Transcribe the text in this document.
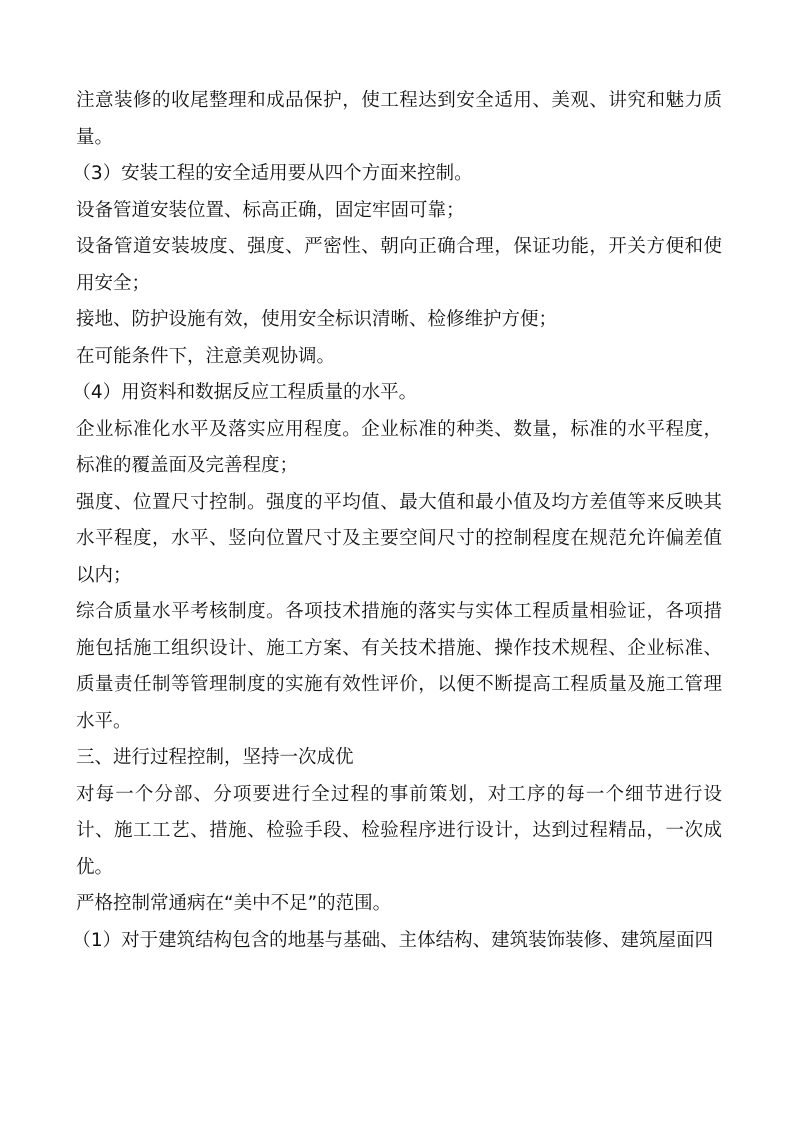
注意装修的收尾整理和成品保护，使工程达到安全适用、美观、讲究和魅力质量。

（3）安装工程的安全适用要从四个方面来控制。

设备管道安装位置、标高正确，固定牢固可靠；

设备管道安装坡度、强度、严密性、朝向正确合理，保证功能，开关方便和使用安全；

接地、防护设施有效，使用安全标识清晰、检修维护方便；

在可能条件下，注意美观协调。

（4）用资料和数据反应工程质量的水平。

企业标准化水平及落实应用程度。企业标准的种类、数量，标准的水平程度，标准的覆盖面及完善程度；

强度、位置尺寸控制。强度的平均值、最大值和最小值及均方差值等来反映其水平程度，水平、竖向位置尺寸及主要空间尺寸的控制程度在规范允许偏差值以内；

综合质量水平考核制度。各项技术措施的落实与实体工程质量相验证，各项措施包括施工组织设计、施工方案、有关技术措施、操作技术规程、企业标准、质量责任制等管理制度的实施有效性评价，以便不断提高工程质量及施工管理水平。

三、进行过程控制，坚持一次成优

对每一个分部、分项要进行全过程的事前策划，对工序的每一个细节进行设计、施工工艺、措施、检验手段、检验程序进行设计，达到过程精品，一次成优。

严格控制常通病在“美中不足”的范围。

（1）对于建筑结构包含的地基与基础、主体结构、建筑装饰装修、建筑屋面四
